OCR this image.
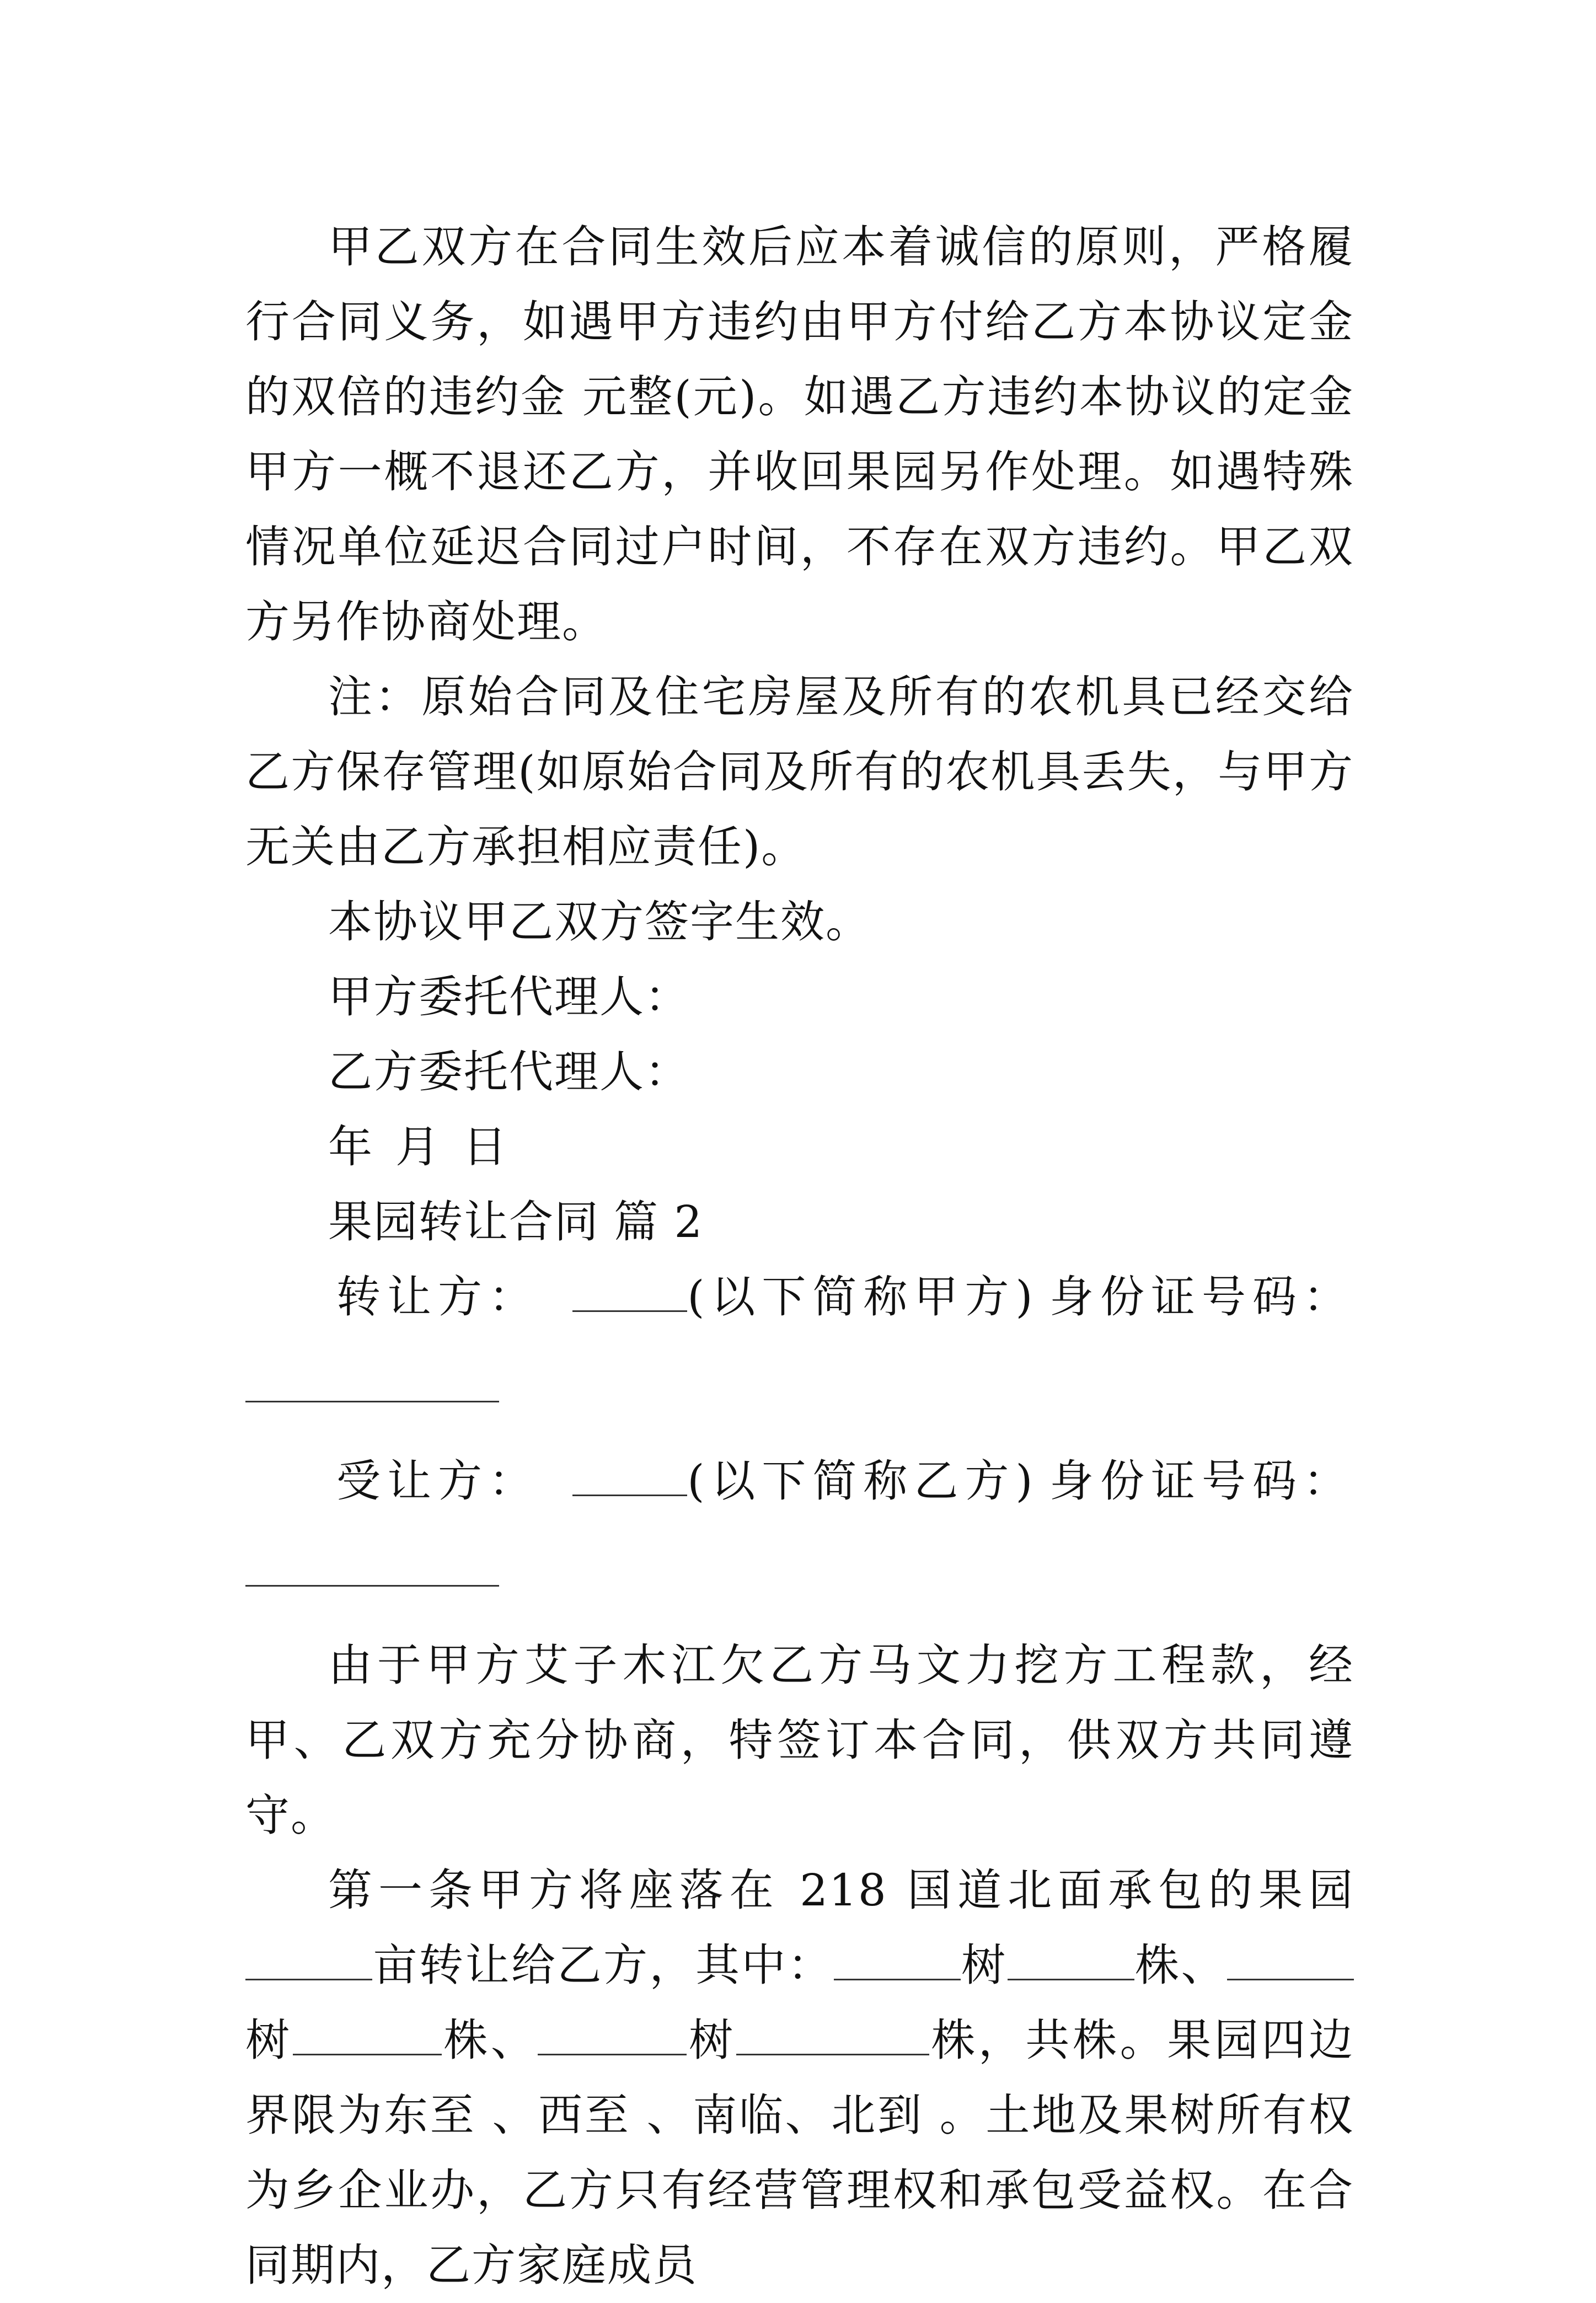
甲乙双方在合同生效后应本着诚信的原则，严格履行合同义务，如遇甲方违约由甲方付给乙方本协议定金的双倍的违约金 元整(元)。如遇乙方违约本协议的定金甲方一概不退还乙方，并收回果园另作处理。如遇特殊情况单位延迟合同过户时间，不存在双方违约。甲乙双方另作协商处理。

注：原始合同及住宅房屋及所有的农机具已经交给乙方保存管理(如原始合同及所有的农机具丢失，与甲方无关由乙方承担相应责任)。

本协议甲乙双方签字生效。

甲方委托代理人：

乙方委托代理人：

年 月 日

果园转让合同 篇 2

转让方：	(以下简称甲方) 身份证号码：
受让方：	(以下简称乙方) 身份证号码：

由于甲方艾子木江欠乙方马文力挖方工程款，经甲、乙双方充分协商，特签订本合同，供双方共同遵守。

第一条甲方将座落在 218 国道北面承包的果园亩转让给乙方，其中：	树	株、树	株、	树	株，共株。果园四边界限为东至 、西至 、南临、北到 。土地及果树所有权为乡企业办，乙方只有经营管理权和承包受益权。在合同期内，乙方家庭成员
